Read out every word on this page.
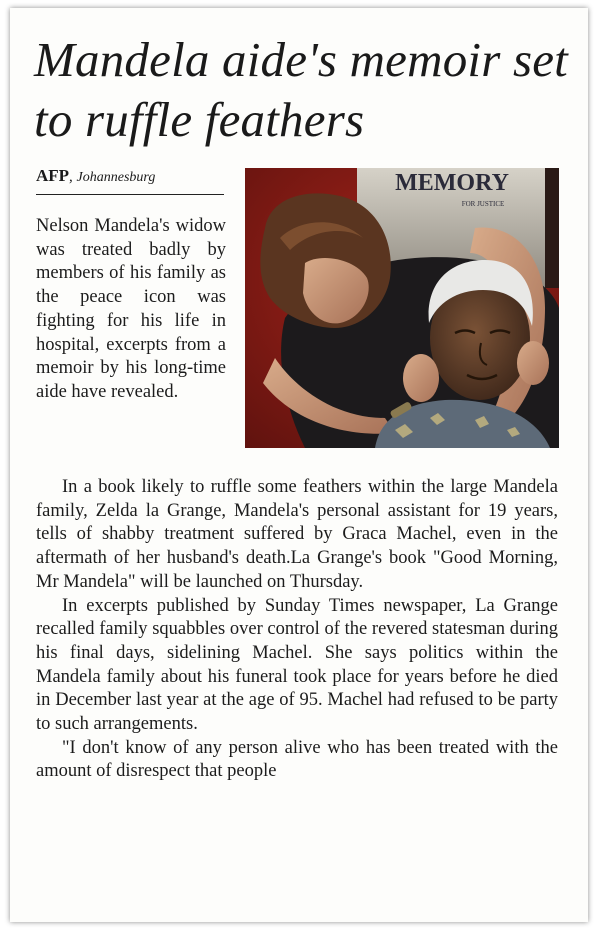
Mandela aide's memoir set to ruffle feathers
AFP, Johannesburg	MEMORY
FOR JUSTICE

Nelson Mandela's widow was treated badly by members of his family as the peace icon was fighting for his life in hospital, excerpts from a memoir by his long-time aide have revealed.

In a book likely to ruffle some feathers within the large Mandela family, Zelda la Grange, Mandela's personal assistant for 19 years, tells of shabby treatment suffered by Graca Machel, even in the aftermath of her husband's death.La Grange's book "Good Morning, Mr Mandela" will be launched on Thursday.

In excerpts published by Sunday Times newspaper, La Grange recalled family squabbles over control of the revered statesman during his final days, sidelining Machel. She says politics within the Mandela family about his funeral took place for years before he died in December last year at the age of 95. Machel had refused to be party to such arrangements.

"I don't know of any person alive who has been treated with the amount of disrespect that people
